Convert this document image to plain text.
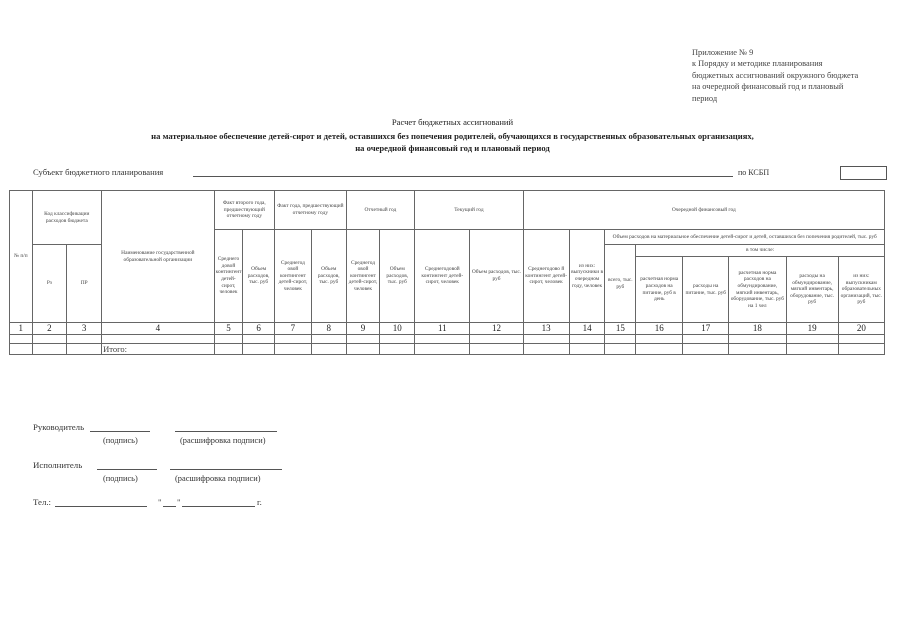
Приложение № 9
к Порядку и методике планирования
бюджетных ассигнований окружного бюджета
на очередной финансовый год и плановый
период
Расчет бюджетных ассигнований
на материальное обеспечение детей-сирот и детей, оставшихся без попечения родителей, обучающихся в государственных образовательных организациях,
на очередной финансовый год и плановый период
Субъект бюджетного планирования	по КСБП
№ п/п	Код классификации расходов бюджета		Наименование государственной образовательной организации	Факт второго года, предшествующий отчетному году		Факт года, предшествующий отчетному году		Отчетный год		Текущий год		Очередной финансовый год							
				Среднего довой контингент детей-сирот, человек	Объем расходов, тыс. руб	Среднегод овой контингент детей-сирот, человек	Объем расходов, тыс. руб	Среднегод овой контингент детей-сирот, человек	Объем расходов, тыс. руб	Среднегодовой контингент детей-сирот, человек	Объем расходов, тыс. руб	Среднегодово й контингент детей-сирот, человек	из них: выпускники в очередном году, человек	Объем расходов на материальное обеспечение детей-сирот и детей, оставшихся без попечения родителей, тыс. руб					
	Рз	ПР												всего, тыс. руб	в том числе:				
															расчетная норма расходов на питание, руб в день	расходы на питание, тыс. руб	расчетная норма расходов на обмундирование, мягкий инвентарь, оборудование, тыс. руб на 1 чел	расходы на обмундирование, мягкий инвентарь, оборудование, тыс. руб	из них: выпускникам образовательных организаций, тыс. руб
1	2	3	4	5	6	7	8	9	10	11	12	13	14	15	16	17	18	19	20

			Итого:																
Руководитель
(подпись)	(расшифровка подписи)
Исполнитель
(подпись)	(расшифровка подписи)
Тел.:	" "	г.
